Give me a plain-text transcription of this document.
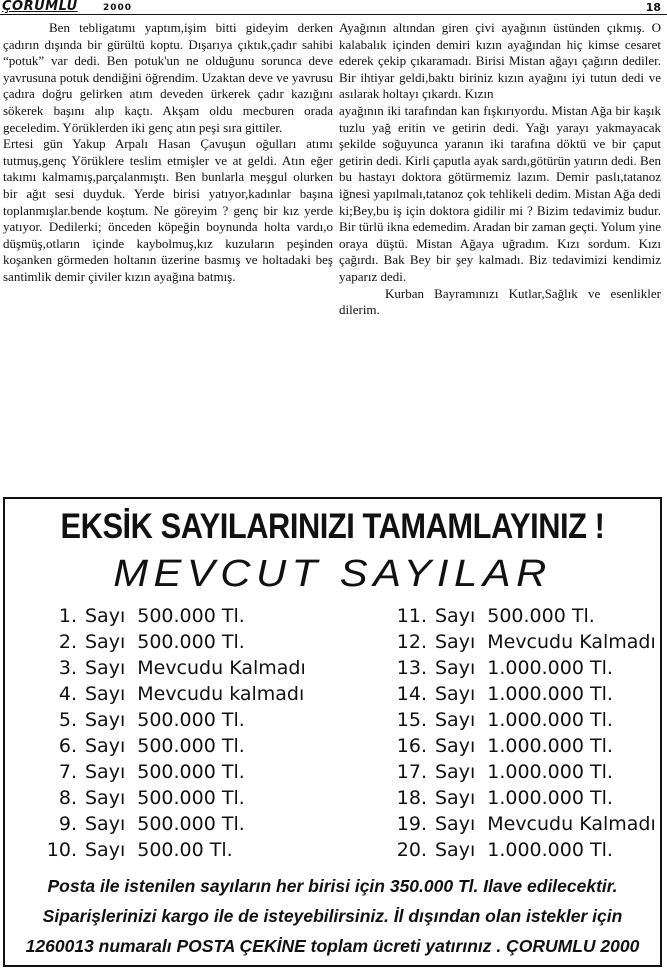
ÇORUMLU	2000	18

Ben tebligatımı yaptım,işim bitti gideyim derken çadırın dışında bir gürültü koptu. Dışarıya çıktık,çadır sahibi “potuk” var dedi. Ben potuk'un ne olduğunu sorunca deve yavrusuna potuk dendiğini öğrendim. Uzaktan deve ve yavrusu çadıra doğru gelirken atım deveden ürkerek çadır kazığını sökerek başını alıp kaçtı. Akşam oldu mecburen orada geceledim. Yörüklerden iki genç atın peşi sıra gittiler.

Ertesi gün Yakup Arpalı Hasan Çavuşun oğulları atımı tutmuş,genç Yörüklere teslim etmişler ve at geldi. Atın eğer takımı kalmamış,parçalanmıştı. Ben bunlarla meşgul olurken bir ağıt sesi duyduk. Yerde birisi yatıyor,kadınlar başına toplanmışlar.bende koştum. Ne göreyim ? genç bir kız yerde yatıyor. Dedilerki; önceden köpeğin boynunda holta vardı,o düşmüş,otların içinde kaybolmuş,kız kuzuların peşinden koşanken görmeden holtanın üzerine basmış ve holtadaki beş santimlik demir çiviler kızın ayağına batmış.

Ayağının altından giren çivi ayağının üstünden çıkmış. O kalabalık içinden demiri kızın ayağından hiç kimse cesaret ederek çekip çıkaramadı. Birisi Mistan ağayı çağırın dediler. Bir ihtiyar geldi,baktı biriniz kızın ayağını iyi tutun dedi ve asılarak holtayı çıkardı. Kızın

ayağının iki tarafından kan fışkırıyordu. Mistan Ağa bir kaşık tuzlu yağ eritin ve getirin dedi. Yağı yarayı yakmayacak şekilde soğuyunca yaranın iki tarafına döktü ve bir çaput getirin dedi. Kirli çaputla ayak sardı,götürün yatırın dedi. Ben bu hastayı doktora götürmemiz lazım. Demir paslı,tatanoz iğnesi yapılmalı,tatanoz çok tehlikeli dedim. Mistan Ağa dedi ki;Bey,bu iş için doktora gidilir mi ? Bizim tedavimiz budur. Bir türlü ikna edemedim. Aradan bir zaman geçti. Yolum yine oraya düştü. Mistan Ağaya uğradım. Kızı sordum. Kızı çağırdı. Bak Bey bir şey kalmadı. Biz tedavimizi kendimiz yaparız dedi.

Kurban Bayramınızı Kutlar,Sağlık ve esenlikler dilerim.

EKSİK SAYILARINIZI TAMAMLAYINIZ !
MEVCUT SAYILAR
1. Sayı 500.000 Tl.
2. Sayı 500.000 Tl.
3. Sayı Mevcudu Kalmadı
4. Sayı Mevcudu kalmadı
5. Sayı 500.000 Tl.
6. Sayı 500.000 Tl.
7. Sayı 500.000 Tl.
8. Sayı 500.000 Tl.
9. Sayı 500.000 Tl.
10. Sayı 500.00 Tl.
11. Sayı 500.000 Tl.
12. Sayı Mevcudu Kalmadı
13. Sayı 1.000.000 Tl.
14. Sayı 1.000.000 Tl.
15. Sayı 1.000.000 Tl.
16. Sayı 1.000.000 Tl.
17. Sayı 1.000.000 Tl.
18. Sayı 1.000.000 Tl.
19. Sayı Mevcudu Kalmadı
20. Sayı 1.000.000 Tl.
Posta ile istenilen sayıların her birisi için 350.000 Tl. Ilave edilecektir.
Siparişlerinizi kargo ile de isteyebilirsiniz. İl dışından olan istekler için
1260013 numaralı POSTA ÇEKİNE toplam ücreti yatırınız . ÇORUMLU 2000
